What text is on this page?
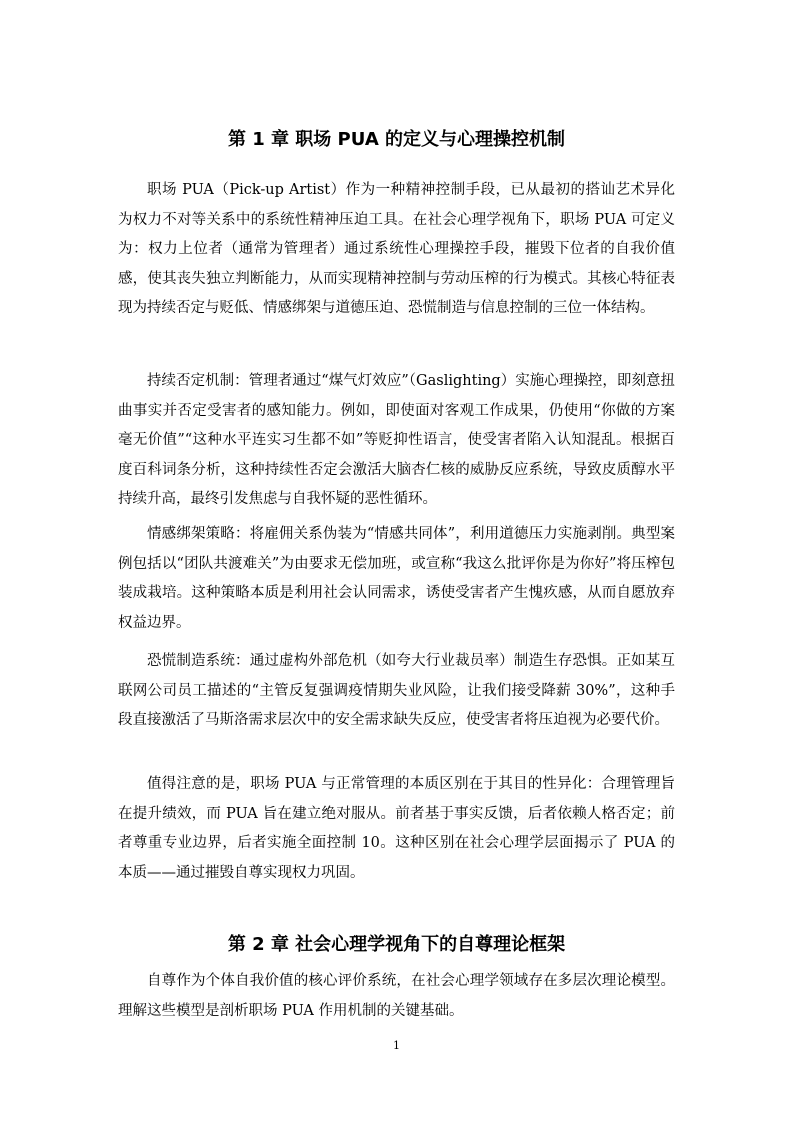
第 1 章 职场 PUA 的定义与心理操控机制

职场 PUA（Pick-up Artist）作为一种精神控制手段，已从最初的搭讪艺术异化为权力不对等关系中的系统性精神压迫工具。在社会心理学视角下，职场 PUA 可定义为：权力上位者（通常为管理者）通过系统性心理操控手段，摧毁下位者的自我价值感，使其丧失独立判断能力，从而实现精神控制与劳动压榨的行为模式。其核心特征表现为持续否定与贬低、情感绑架与道德压迫、恐慌制造与信息控制的三位一体结构。

持续否定机制：管理者通过“煤气灯效应”（Gaslighting）实施心理操控，即刻意扭曲事实并否定受害者的感知能力。例如，即使面对客观工作成果，仍使用“你做的方案毫无价值”“这种水平连实习生都不如”等贬抑性语言，使受害者陷入认知混乱。根据百度百科词条分析，这种持续性否定会激活大脑杏仁核的威胁反应系统，导致皮质醇水平持续升高，最终引发焦虑与自我怀疑的恶性循环。

情感绑架策略：将雇佣关系伪装为“情感共同体”，利用道德压力实施剥削。典型案例包括以“团队共渡难关”为由要求无偿加班，或宣称“我这么批评你是为你好”将压榨包装成栽培。这种策略本质是利用社会认同需求，诱使受害者产生愧疚感，从而自愿放弃权益边界。

恐慌制造系统：通过虚构外部危机（如夸大行业裁员率）制造生存恐惧。正如某互联网公司员工描述的“主管反复强调疫情期失业风险，让我们接受降薪 30%”，这种手段直接激活了马斯洛需求层次中的安全需求缺失反应，使受害者将压迫视为必要代价。

值得注意的是，职场 PUA 与正常管理的本质区别在于其目的性异化：合理管理旨在提升绩效，而 PUA 旨在建立绝对服从。前者基于事实反馈，后者依赖人格否定；前者尊重专业边界，后者实施全面控制 10。这种区别在社会心理学层面揭示了 PUA 的本质——通过摧毁自尊实现权力巩固。

第 2 章 社会心理学视角下的自尊理论框架

自尊作为个体自我价值的核心评价系统，在社会心理学领域存在多层次理论模型。理解这些模型是剖析职场 PUA 作用机制的关键基础。

1
